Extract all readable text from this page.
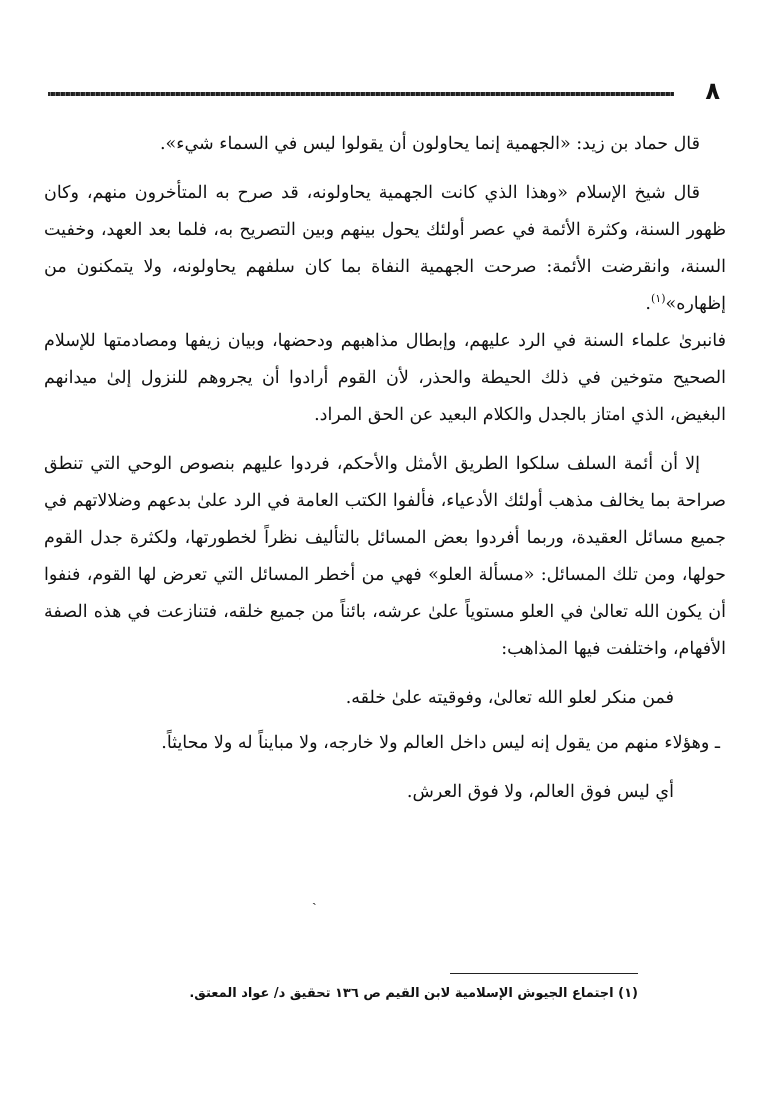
٨

قال حماد بن زيد: «الجهمية إنما يحاولون أن يقولوا ليس في السماء شيء».

قال شيخ الإسلام «وهذا الذي كانت الجهمية يحاولونه، قد صرح به المتأخرون منهم، وكان ظهور السنة، وكثرة الأئمة في عصر أولئك يحول بينهم وبين التصريح به، فلما بعد العهد، وخفيت السنة، وانقرضت الأئمة: صرحت الجهمية النفاة بما كان سلفهم يحاولونه، ولا يتمكنون من إظهاره»$^{(١)}$.

فانبرىٰ علماء السنة في الرد عليهم، وإبطال مذاهبهم ودحضها، وبيان زيفها ومصادمتها للإسلام الصحيح متوخين في ذلك الحيطة والحذر، لأن القوم أرادوا أن يجروهم للنزول إلىٰ ميدانهم البغيض، الذي امتاز بالجدل والكلام البعيد عن الحق المراد.

إلا أن أئمة السلف سلكوا الطريق الأمثل والأحكم، فردوا عليهم بنصوص الوحي التي تنطق صراحة بما يخالف مذهب أولئك الأدعياء، فألفوا الكتب العامة في الرد علىٰ بدعهم وضلالاتهم في جميع مسائل العقيدة، وربما أفردوا بعض المسائل بالتأليف نظراً لخطورتها، ولكثرة جدل القوم حولها، ومن تلك المسائل: «مسألة العلو» فهي من أخطر المسائل التي تعرض لها القوم، فنفوا أن يكون الله تعالىٰ في العلو مستوياً علىٰ عرشه، بائناً من جميع خلقه، فتنازعت في هذه الصفة الأفهام، واختلفت فيها المذاهب:

فمن منكر لعلو الله تعالىٰ، وفوقيته علىٰ خلقه.

ـ وهؤلاء منهم من يقول إنه ليس داخل العالم ولا خارجه، ولا مبايناً له ولا محايثاً.

أي ليس فوق العالم، ولا فوق العرش.

ˎ

(١) اجتماع الجيوش الإسلامية لابن القيم ص ١٣٦ تحقيق د/ عواد المعتق.
